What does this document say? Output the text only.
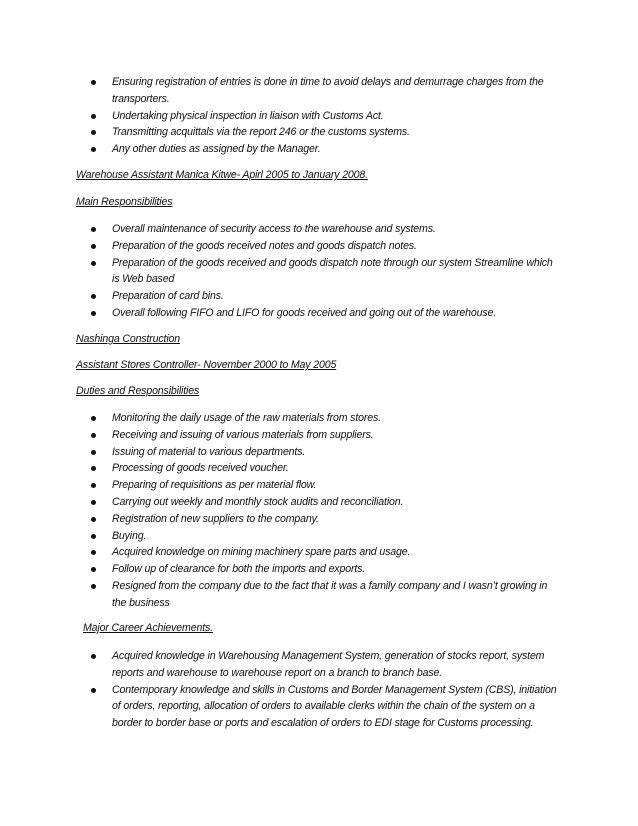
Ensuring registration of entries is done in time to avoid delays and demurrage charges from the transporters.
Undertaking physical inspection in liaison with Customs Act.
Transmitting acquittals via the report 246 or the customs systems.
Any other duties as assigned by the Manager.
Warehouse Assistant Manica Kitwe- Apirl 2005 to January 2008.
Main Responsibilities
Overall maintenance of security access to the warehouse and systems.
Preparation of the goods received notes and goods dispatch notes.
Preparation of the goods received and goods dispatch note through our system Streamline which is Web based
Preparation of card bins.
Overall following FIFO and LIFO for goods received and going out of the warehouse.
Nashinga Construction
Assistant Stores Controller- November 2000 to May 2005
Duties and Responsibilities
Monitoring the daily usage of the raw materials from stores.
Receiving and issuing of various materials from suppliers.
Issuing of material to various departments.
Processing of goods received voucher.
Preparing of requisitions as per material flow.
Carrying out weekly and monthly stock audits and reconciliation.
Registration of new suppliers to the company.
Buying.
Acquired knowledge on mining machinery spare parts and usage.
Follow up of clearance for both the imports and exports.
Resigned from the company due to the fact that it was a family company and I wasn’t growing in the business
Major Career Achievements.
Acquired knowledge in Warehousing Management System, generation of stocks report, system reports and warehouse to warehouse report on a branch to branch base.
Contemporary knowledge and skills in Customs and Border Management System (CBS), initiation of orders, reporting, allocation of orders to available clerks within the chain of the system on a border to border base or ports and escalation of orders to EDI stage for Customs processing.
